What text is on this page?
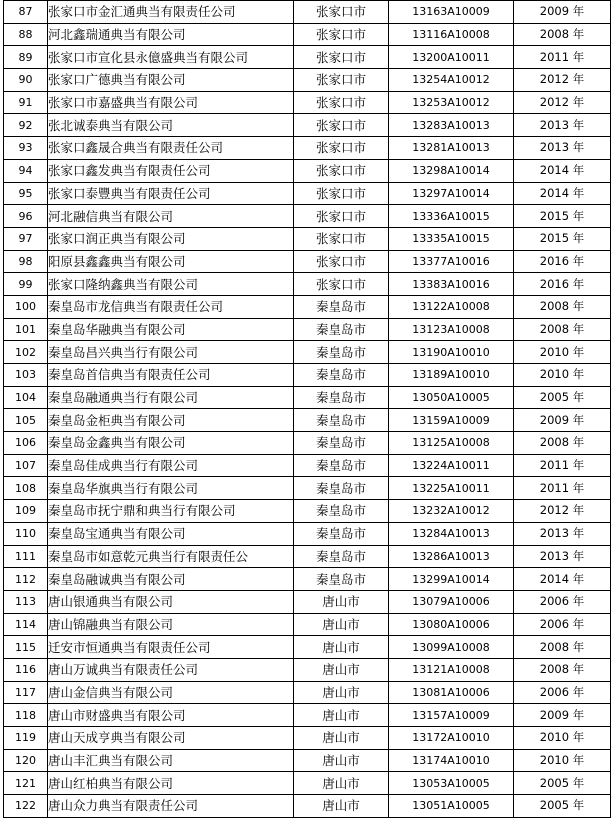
87	张家口市金汇通典当有限责任公司	张家口市	13163A10009	2009 年
88	河北鑫瑞通典当有限公司	张家口市	13116A10008	2008 年
89	张家口市宣化县永億盛典当有限公司	张家口市	13200A10011	2011 年
90	张家口广德典当有限公司	张家口市	13254A10012	2012 年
91	张家口市嘉盛典当有限公司	张家口市	13253A10012	2012 年
92	张北诚泰典当有限公司	张家口市	13283A10013	2013 年
93	张家口鑫晟合典当有限责任公司	张家口市	13281A10013	2013 年
94	张家口鑫发典当有限责任公司	张家口市	13298A10014	2014 年
95	张家口泰豐典当有限责任公司	张家口市	13297A10014	2014 年
96	河北融信典当有限公司	张家口市	13336A10015	2015 年
97	张家口润正典当有限公司	张家口市	13335A10015	2015 年
98	阳原县鑫鑫典当有限公司	张家口市	13377A10016	2016 年
99	张家口隆纳鑫典当有限公司	张家口市	13383A10016	2016 年
100	秦皇岛市龙信典当有限责任公司	秦皇岛市	13122A10008	2008 年
101	秦皇岛华融典当有限公司	秦皇岛市	13123A10008	2008 年
102	秦皇岛昌兴典当行有限公司	秦皇岛市	13190A10010	2010 年
103	秦皇岛首信典当有限责任公司	秦皇岛市	13189A10010	2010 年
104	秦皇岛融通典当行有限公司	秦皇岛市	13050A10005	2005 年
105	秦皇岛金柜典当有限公司	秦皇岛市	13159A10009	2009 年
106	秦皇岛金鑫典当有限公司	秦皇岛市	13125A10008	2008 年
107	秦皇岛佳成典当行有限公司	秦皇岛市	13224A10011	2011 年
108	秦皇岛华旗典当行有限公司	秦皇岛市	13225A10011	2011 年
109	秦皇岛市抚宁鼎和典当行有限公司	秦皇岛市	13232A10012	2012 年
110	秦皇岛宝通典当有限公司	秦皇岛市	13284A10013	2013 年
111	秦皇岛市如意乾元典当行有限责任公	秦皇岛市	13286A10013	2013 年
112	秦皇岛融诚典当有限公司	秦皇岛市	13299A10014	2014 年
113	唐山银通典当有限公司	唐山市	13079A10006	2006 年
114	唐山锦融典当有限公司	唐山市	13080A10006	2006 年
115	迁安市恒通典当有限责任公司	唐山市	13099A10008	2008 年
116	唐山万诚典当有限责任公司	唐山市	13121A10008	2008 年
117	唐山金信典当有限公司	唐山市	13081A10006	2006 年
118	唐山市财盛典当有限公司	唐山市	13157A10009	2009 年
119	唐山天成亨典当有限公司	唐山市	13172A10010	2010 年
120	唐山丰汇典当有限公司	唐山市	13174A10010	2010 年
121	唐山红柏典当有限公司	唐山市	13053A10005	2005 年
122	唐山众力典当有限责任公司	唐山市	13051A10005	2005 年
